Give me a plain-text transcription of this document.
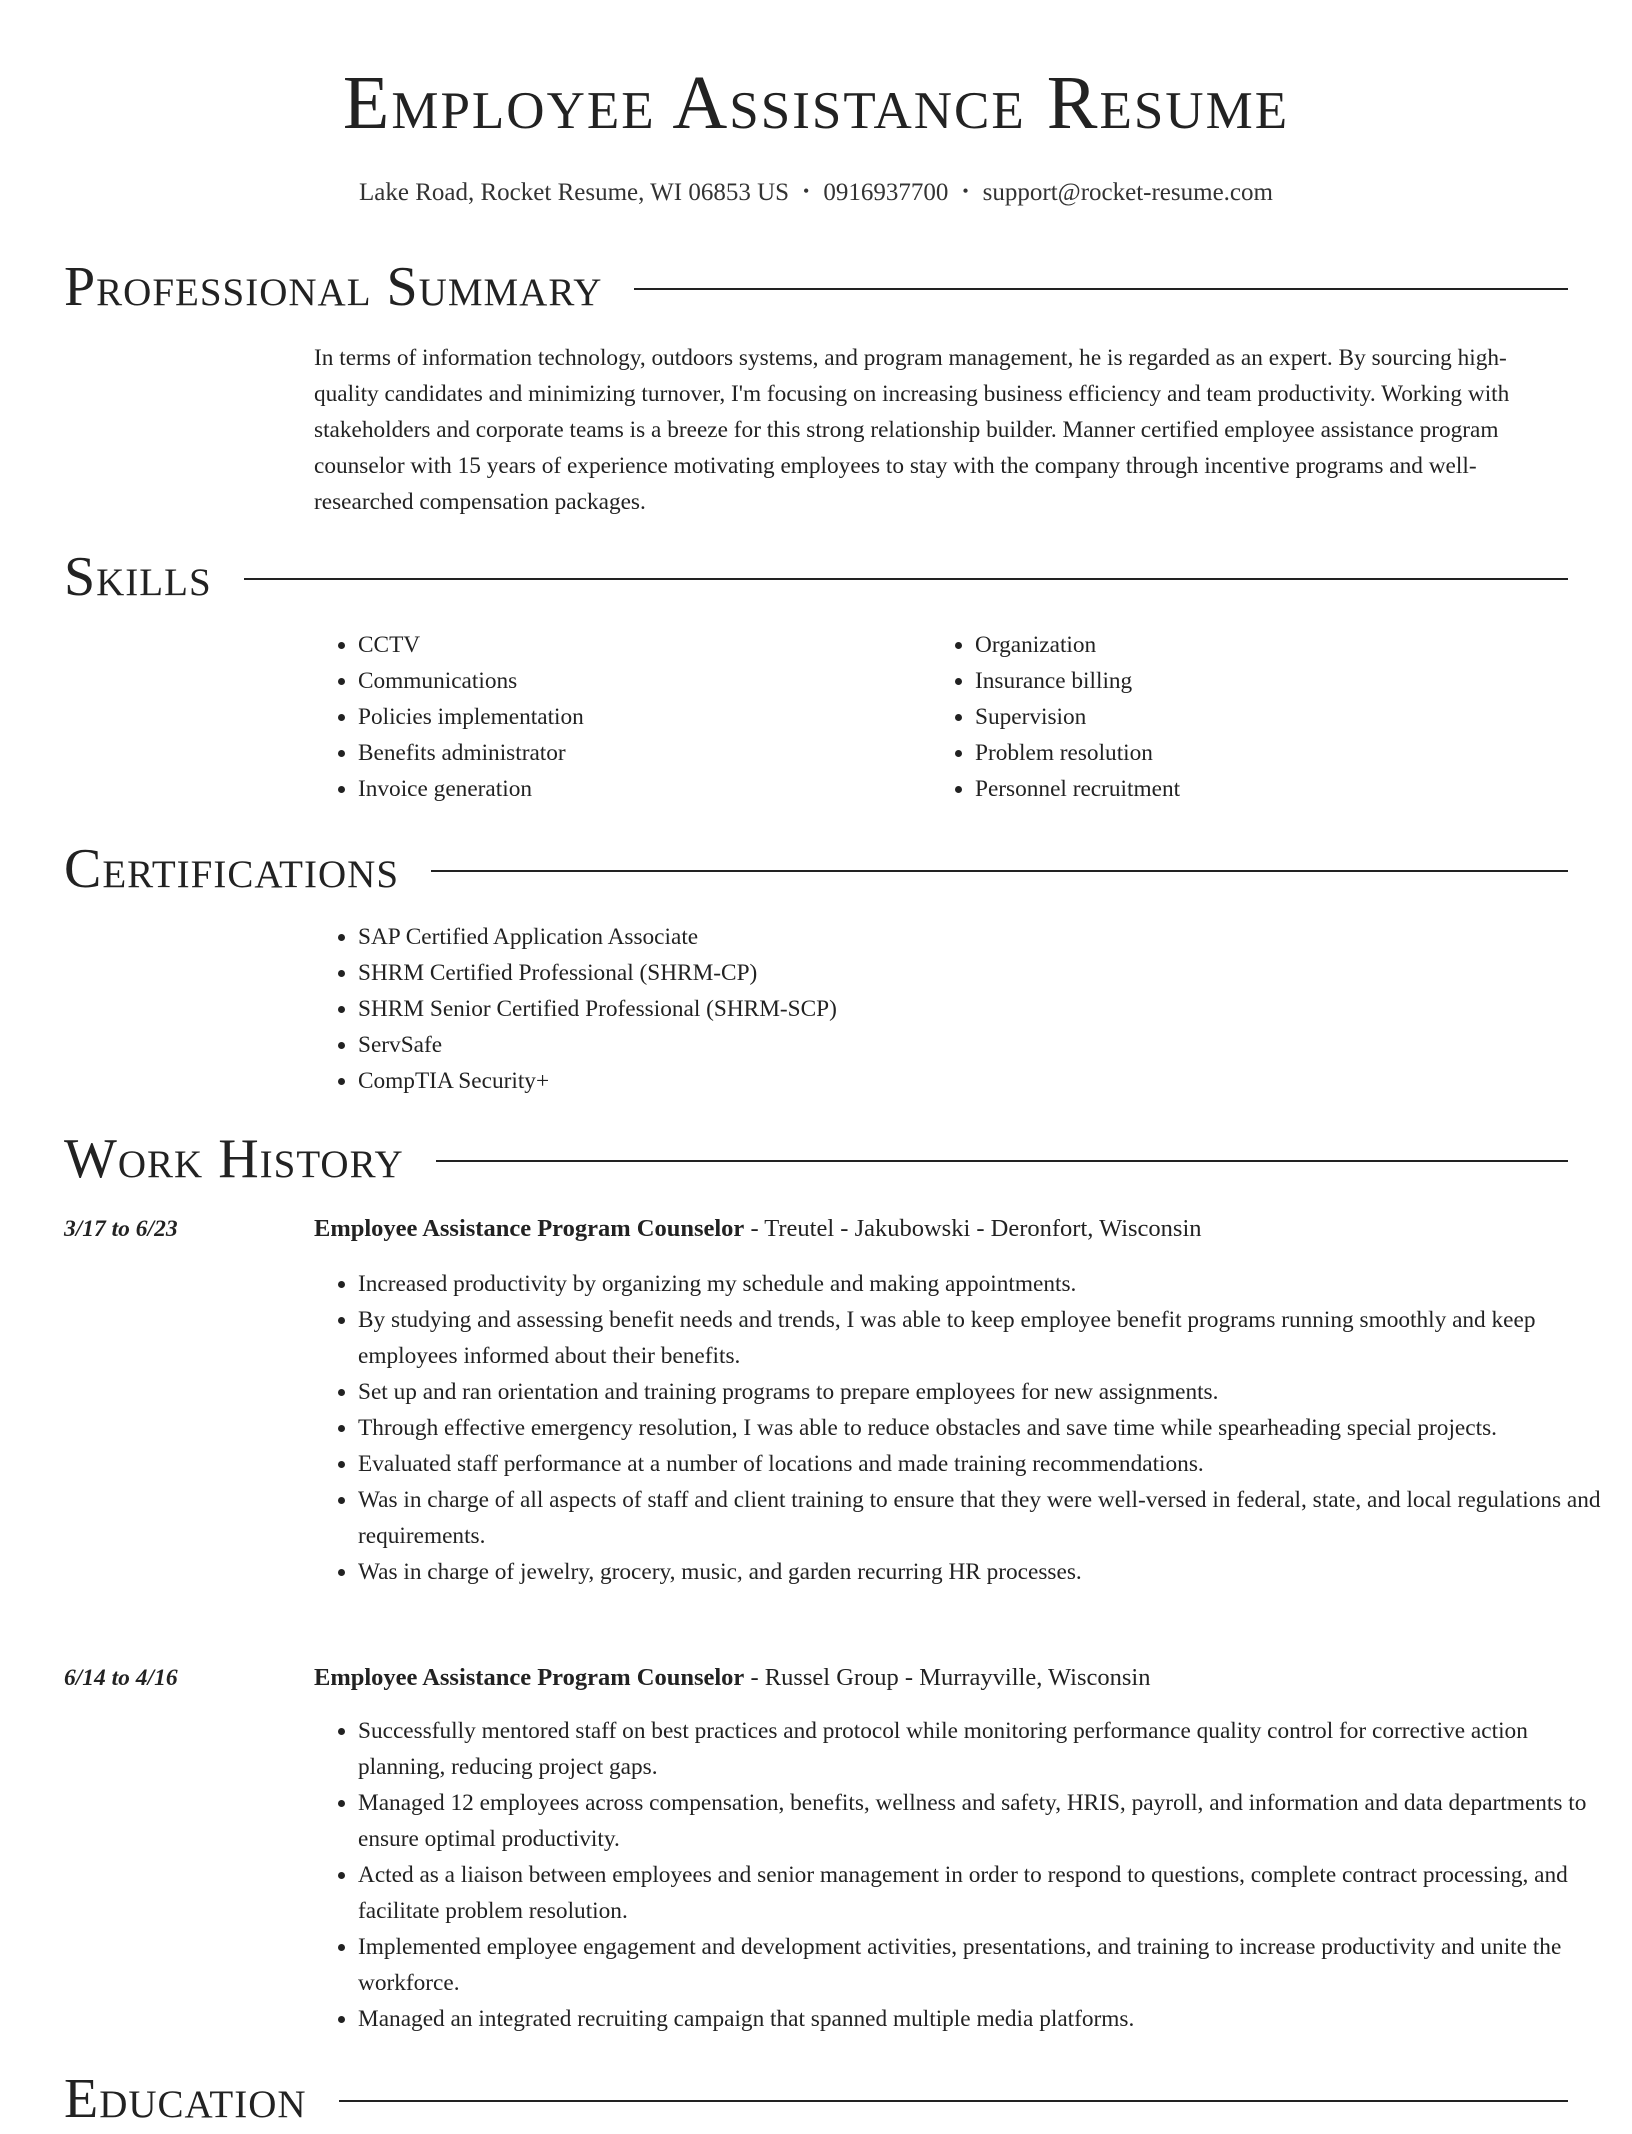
Employee Assistance Resume
Lake Road, Rocket Resume, WI 06853 US • 0916937700 • support@rocket-resume.com
Professional Summary

In terms of information technology, outdoors systems, and program management, he is regarded as an expert. By sourcing high-quality candidates and minimizing turnover, I'm focusing on increasing business efficiency and team productivity. Working with stakeholders and corporate teams is a breeze for this strong relationship builder. Manner certified employee assistance program counselor with 15 years of experience motivating employees to stay with the company through incentive programs and well-researched compensation packages.

Skills
• CCTV
• Communications
• Policies implementation
• Benefits administrator
• Invoice generation
• Organization
• Insurance billing
• Supervision
• Problem resolution
• Personnel recruitment
Certifications
• SAP Certified Application Associate
• SHRM Certified Professional (SHRM-CP)
• SHRM Senior Certified Professional (SHRM-SCP)
• ServSafe
• CompTIA Security+
Work History
3/17 to 6/23	Employee Assistance Program Counselor - Treutel - Jakubowski - Deronfort, Wisconsin
• Increased productivity by organizing my schedule and making appointments.
• By studying and assessing benefit needs and trends, I was able to keep employee benefit programs running smoothly and keep employees informed about their benefits.
• Set up and ran orientation and training programs to prepare employees for new assignments.
• Through effective emergency resolution, I was able to reduce obstacles and save time while spearheading special projects.
• Evaluated staff performance at a number of locations and made training recommendations.
• Was in charge of all aspects of staff and client training to ensure that they were well-versed in federal, state, and local regulations and requirements.
• Was in charge of jewelry, grocery, music, and garden recurring HR processes.
6/14 to 4/16	Employee Assistance Program Counselor - Russel Group - Murrayville, Wisconsin
• Successfully mentored staff on best practices and protocol while monitoring performance quality control for corrective action planning, reducing project gaps.
• Managed 12 employees across compensation, benefits, wellness and safety, HRIS, payroll, and information and data departments to ensure optimal productivity.
• Acted as a liaison between employees and senior management in order to respond to questions, complete contract processing, and facilitate problem resolution.
• Implemented employee engagement and development activities, presentations, and training to increase productivity and unite the workforce.
• Managed an integrated recruiting campaign that spanned multiple media platforms.
Education
